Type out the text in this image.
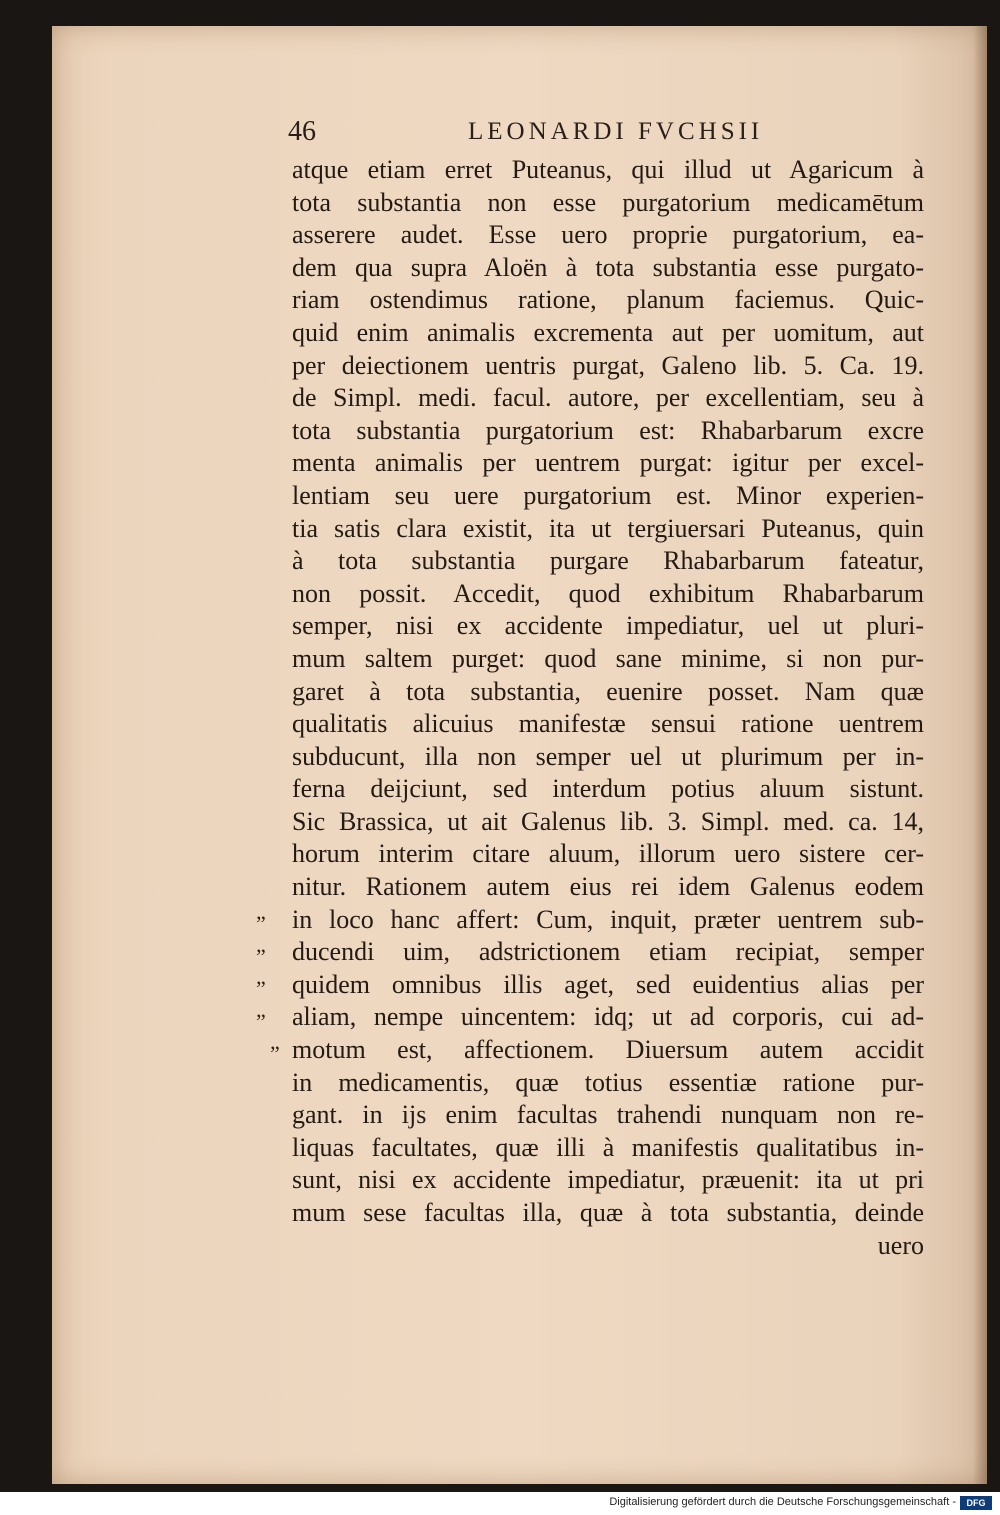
46	LEONARDI FVCHSII
atque etiam erret Puteanus, qui illud ut Agaricum à
tota substantia non esse purgatorium medicamētum
asserere audet. Esse uero proprie purgatorium, ea-
dem qua supra Aloën à tota substantia esse purgato-
riam ostendimus ratione, planum faciemus. Quic-
quid enim animalis excrementa aut per uomitum, aut
per deiectionem uentris purgat, Galeno lib. 5. Ca. 19.
de Simpl. medi. facul. autore, per excellentiam, seu à
tota substantia purgatorium est: Rhabarbarum excre
menta animalis per uentrem purgat: igitur per excel-
lentiam seu uere purgatorium est. Minor experien-
tia satis clara existit, ita ut tergiuersari Puteanus, quin
à tota substantia purgare Rhabarbarum fateatur,
non possit. Accedit, quod exhibitum Rhabarbarum
semper, nisi ex accidente impediatur, uel ut pluri-
mum saltem purget: quod sane minime, si non pur-
garet à tota substantia, euenire posset. Nam quæ
qualitatis alicuius manifestæ sensui ratione uentrem
subducunt, illa non semper uel ut plurimum per in-
ferna deijciunt, sed interdum potius aluum sistunt.
Sic Brassica, ut ait Galenus lib. 3. Simpl. med. ca. 14,
horum interim citare aluum, illorum uero sistere cer-
nitur. Rationem autem eius rei idem Galenus eodem
in loco hanc affert: Cum, inquit, præter uentrem sub-
ducendi uim, adstrictionem etiam recipiat, semper
quidem omnibus illis aget, sed euidentius alias per
aliam, nempe uincentem: idq; ut ad corporis, cui ad-
motum est, affectionem. Diuersum autem accidit
in medicamentis, quæ totius essentiæ ratione pur-
gant. in ijs enim facultas trahendi nunquam non re-
liquas facultates, quæ illi à manifestis qualitatibus in-
sunt, nisi ex accidente impediatur, præuenit: ita ut pri
mum sese facultas illa, quæ à tota substantia, deinde
uero
”
”
”
”
”
Digitalisierung gefördert durch die Deutsche Forschungsgemeinschaft -	DFG
